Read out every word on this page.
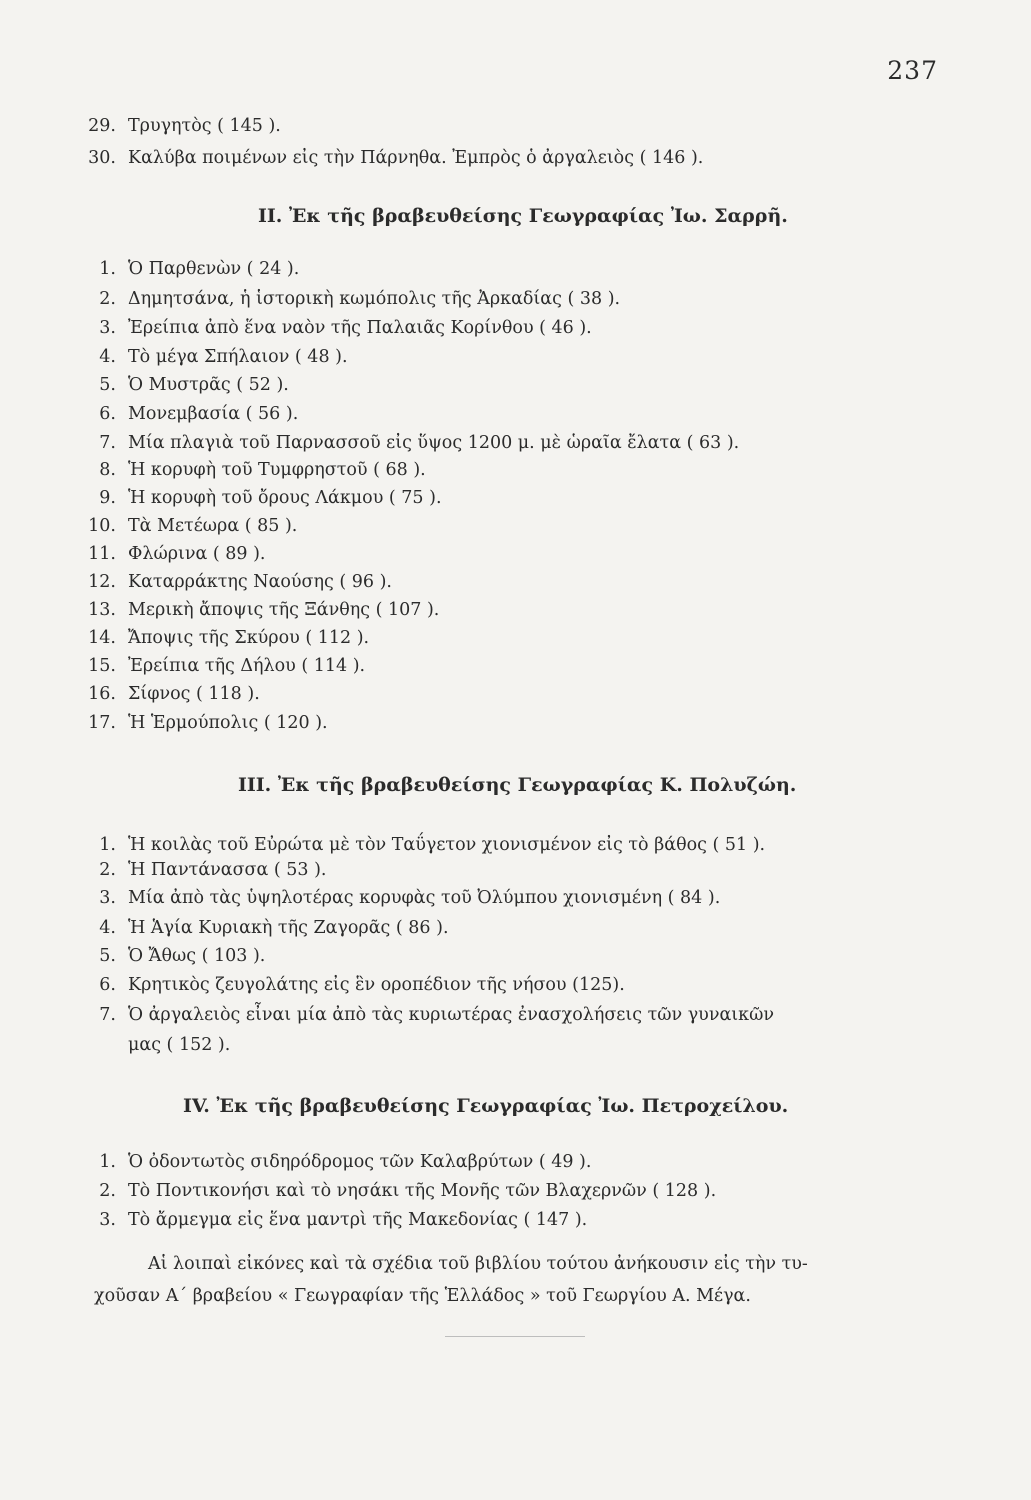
237
29. Τρυγητὸς ( 145 ).
30. Καλύβα ποιμένων εἰς τὴν Πάρνηθα. Ἐμπρὸς ὁ ἀργαλειὸς ( 146 ).
II. Ἐκ τῆς βραβευθείσης Γεωγραφίας Ἰω. Σαρρῆ.
1. Ὁ Παρθενὼν ( 24 ).
2. Δημητσάνα, ἡ ἱστορικὴ κωμόπολις τῆς Ἀρκαδίας ( 38 ).
3. Ἐρείπια ἀπὸ ἕνα ναὸν τῆς Παλαιᾶς Κορίνθου ( 46 ).
4. Τὸ μέγα Σπήλαιον ( 48 ).
5. Ὁ Μυστρᾶς ( 52 ).
6. Μονεμβασία ( 56 ).
7. Μία πλαγιὰ τοῦ Παρνασσοῦ εἰς ὕψος 1200 μ. μὲ ὡραῖα ἔλατα ( 63 ).
8. Ἡ κορυφὴ τοῦ Τυμφρηστοῦ ( 68 ).
9. Ἡ κορυφὴ τοῦ ὄρους Λάκμου ( 75 ).
10. Τὰ Μετέωρα ( 85 ).
11. Φλώρινα ( 89 ).
12. Καταρράκτης Ναούσης ( 96 ).
13. Μερικὴ ἄποψις τῆς Ξάνθης ( 107 ).
14. Ἄποψις τῆς Σκύρου ( 112 ).
15. Ἐρείπια τῆς Δήλου ( 114 ).
16. Σίφνος ( 118 ).
17. Ἡ Ἑρμούπολις ( 120 ).
III. Ἐκ τῆς βραβευθείσης Γεωγραφίας Κ. Πολυζώη.
1. Ἡ κοιλὰς τοῦ Εὐρώτα μὲ τὸν Ταΰγετον χιονισμένον εἰς τὸ βάθος ( 51 ).
2. Ἡ Παντάνασσα ( 53 ).
3. Μία ἀπὸ τὰς ὑψηλοτέρας κορυφὰς τοῦ Ὀλύμπου χιονισμένη ( 84 ).
4. Ἡ Ἁγία Κυριακὴ τῆς Ζαγορᾶς ( 86 ).
5. Ὁ Ἄθως ( 103 ).
6. Κρητικὸς ζευγολάτης εἰς ἓν οροπέδιον τῆς νήσου (125).
7. Ὁ ἀργαλειὸς εἶναι μία ἀπὸ τὰς κυριωτέρας ἐνασχολήσεις τῶν γυναικῶν
μας ( 152 ).
IV. Ἐκ τῆς βραβευθείσης Γεωγραφίας Ἰω. Πετροχείλου.
1. Ὁ ὀδοντωτὸς σιδηρόδρομος τῶν Καλαβρύτων ( 49 ).
2. Τὸ Ποντικονήσι καὶ τὸ νησάκι τῆς Μονῆς τῶν Βλαχερνῶν ( 128 ).
3. Τὸ ἄρμεγμα εἰς ἕνα μαντρὶ τῆς Μακεδονίας ( 147 ).
Αἱ λοιπαὶ εἰκόνες καὶ τὰ σχέδια τοῦ βιβλίου τούτου ἀνήκουσιν εἰς τὴν τυ-
χοῦσαν Α΄ βραβείου « Γεωγραφίαν τῆς Ἑλλάδος » τοῦ Γεωργίου Α. Μέγα.
